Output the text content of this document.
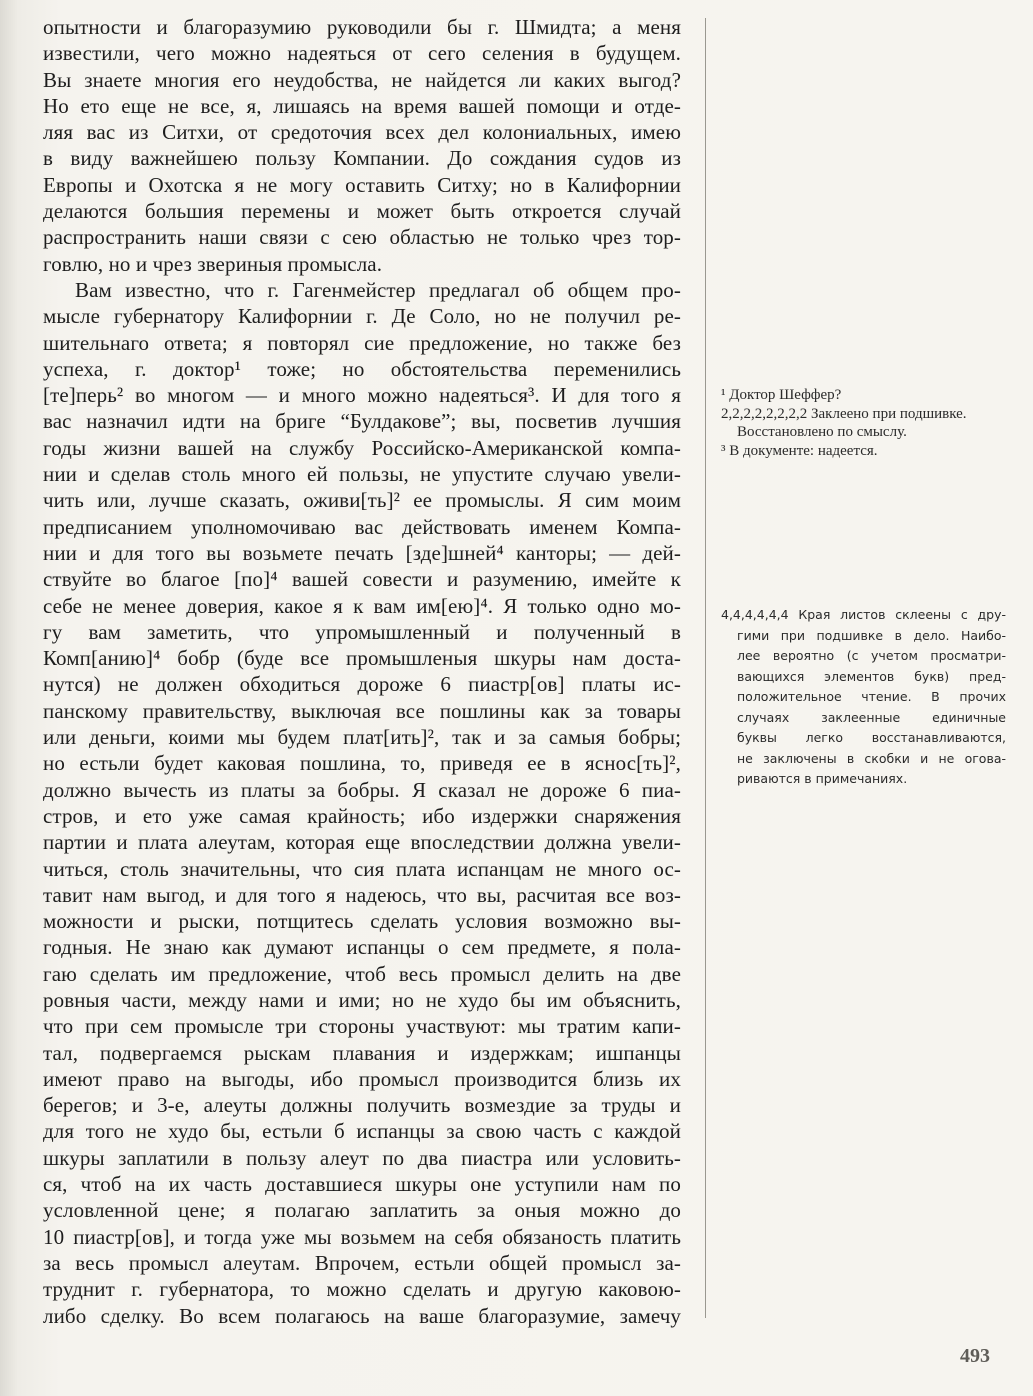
опытности и благоразумию руководили бы г. Шмидта; а меня
известили, чего можно надеяться от сего селения в будущем.
Вы знаете многия его неудобства, не найдется ли каких выгод?
Но ето еще не все, я, лишаясь на время вашей помощи и отде-
ляя вас из Ситхи, от средоточия всех дел колониальных, имею
в виду важнейшею пользу Компании. До сождания судов из
Европы и Охотска я не могу оставить Ситху; но в Калифорнии
делаются большия перемены и может быть откроется случай
распространить наши связи с сею областью не только чрез тор-
говлю, но и чрез звериныя промысла.
Вам известно, что г. Гагенмейстер предлагал об общем про-
мысле губернатору Калифорнии г. Де Соло, но не получил ре-
шительнаго ответа; я повторял сие предложение, но также без
успеха, г. доктор¹ тоже; но обстоятельства переменились
[те]перь² во многом — и много можно надеяться³. И для того я
вас назначил идти на бриге “Булдакове”; вы, посветив лучшия
годы жизни вашей на службу Российско-Американской компа-
нии и сделав столь много ей пользы, не упустите случаю увели-
чить или, лучше сказать, оживи[ть]² ее промыслы. Я сим моим
предписанием уполномочиваю вас действовать именем Компа-
нии и для того вы возьмете печать [зде]шней⁴ канторы; — дей-
ствуйте во благое [по]⁴ вашей совести и разумению, имейте к
себе не менее доверия, какое я к вам им[ею]⁴. Я только одно мо-
гу вам заметить, что упромышленный и полученный в
Комп[анию]⁴ бобр (буде все промышленыя шкуры нам доста-
нутся) не должен обходиться дороже 6 пиастр[ов] платы ис-
панскому правительству, выключая все пошлины как за товары
или деньги, коими мы будем плат[ить]², так и за самыя бобры;
но естьли будет каковая пошлина, то, приведя ее в яснос[ть]²,
должно вычесть из платы за бобры. Я сказал не дороже 6 пиа-
стров, и ето уже самая крайность; ибо издержки снаряжения
партии и плата алеутам, которая еще впоследствии должна увели-
читься, столь значительны, что сия плата испанцам не много ос-
тавит нам выгод, и для того я надеюсь, что вы, расчитая все воз-
можности и рыски, потщитесь сделать условия возможно вы-
годныя. Не знаю как думают испанцы о сем предмете, я пола-
гаю сделать им предложение, чтоб весь промысл делить на две
ровныя части, между нами и ими; но не худо бы им объяснить,
что при сем промысле три стороны участвуют: мы тратим капи-
тал, подвергаемся рыскам плавания и издержкам; ишпанцы
имеют право на выгоды, ибо промысл производится близь их
берегов; и 3-е, алеуты должны получить возмездие за труды и
для того не худо бы, естьли б испанцы за свою часть с каждой
шкуры заплатили в пользу алеут по два пиастра или условить-
ся, чтоб на их часть доставшиеся шкуры оне уступили нам по
условленной цене; я полагаю заплатить за оныя можно до
10 пиастр[ов], и тогда уже мы возьмем на себя обязаность платить
за весь промысл алеутам. Впрочем, естьли общей промысл за-
труднит г. губернатора, то можно сделать и другую каковою-
либо сделку. Во всем полагаюсь на ваше благоразумие, замечу
¹ Доктор Шеффер?
2,2,2,2,2,2,2,2 Заклеено при подшивке.
Восстановлено по смыслу.
³ В документе: надеется.
4,4,4,4,4,4 Края листов склеены с дру-
гими при подшивке в дело. Наибо-
лее вероятно (с учетом просматри-
вающихся элементов букв) пред-
положительное чтение. В прочих
случаях заклеенные единичные
буквы легко восстанавливаются,
не заключены в скобки и не огова-
риваются в примечаниях.
493
